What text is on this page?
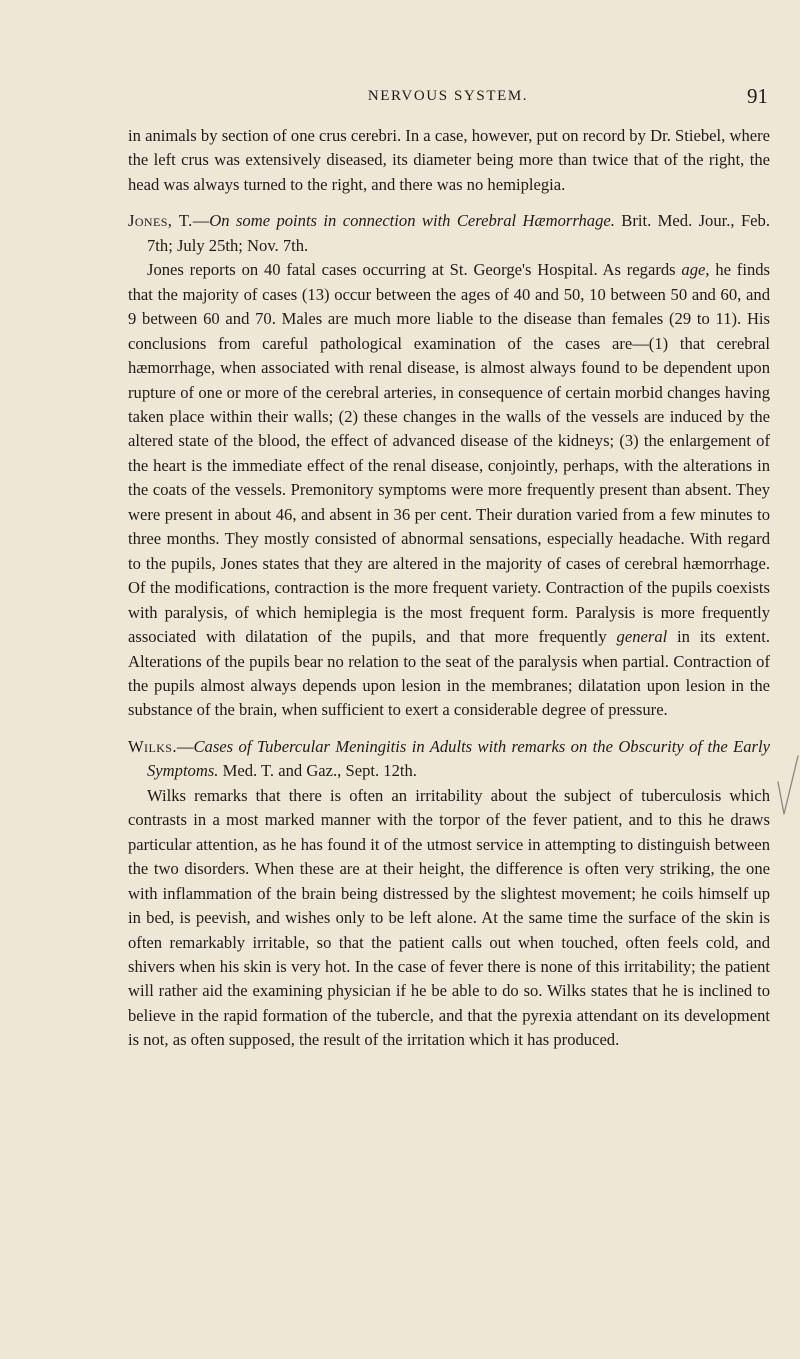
NERVOUS SYSTEM.	91

in animals by section of one crus cerebri. In a case, however, put on record by Dr. Stiebel, where the left crus was extensively diseased, its diameter being more than twice that of the right, the head was always turned to the right, and there was no hemiplegia.

Jones, T.—On some points in connection with Cerebral Hæmorrhage. Brit. Med. Jour., Feb. 7th; July 25th; Nov. 7th.

Jones reports on 40 fatal cases occurring at St. George's Hospital. As regards age, he finds that the majority of cases (13) occur between the ages of 40 and 50, 10 between 50 and 60, and 9 between 60 and 70. Males are much more liable to the disease than females (29 to 11). His conclusions from careful pathological examination of the cases are—(1) that cerebral hæmorrhage, when associated with renal disease, is almost always found to be dependent upon rupture of one or more of the cerebral arteries, in consequence of certain morbid changes having taken place within their walls; (2) these changes in the walls of the vessels are induced by the altered state of the blood, the effect of advanced disease of the kidneys; (3) the enlargement of the heart is the immediate effect of the renal disease, conjointly, perhaps, with the alterations in the coats of the vessels. Premonitory symptoms were more frequently present than absent. They were present in about 46, and absent in 36 per cent. Their duration varied from a few minutes to three months. They mostly consisted of abnormal sensations, especially headache. With regard to the pupils, Jones states that they are altered in the majority of cases of cerebral hæmorrhage. Of the modifications, contraction is the more frequent variety. Contraction of the pupils coexists with paralysis, of which hemiplegia is the most frequent form. Paralysis is more frequently associated with dilatation of the pupils, and that more frequently general in its extent. Alterations of the pupils bear no relation to the seat of the paralysis when partial. Contraction of the pupils almost always depends upon lesion in the membranes; dilatation upon lesion in the substance of the brain, when sufficient to exert a considerable degree of pressure.

Wilks.—Cases of Tubercular Meningitis in Adults with remarks on the Obscurity of the Early Symptoms. Med. T. and Gaz., Sept. 12th.

Wilks remarks that there is often an irritability about the subject of tuberculosis which contrasts in a most marked manner with the torpor of the fever patient, and to this he draws particular attention, as he has found it of the utmost service in attempting to distinguish between the two disorders. When these are at their height, the difference is often very striking, the one with inflammation of the brain being distressed by the slightest movement; he coils himself up in bed, is peevish, and wishes only to be left alone. At the same time the surface of the skin is often remarkably irritable, so that the patient calls out when touched, often feels cold, and shivers when his skin is very hot. In the case of fever there is none of this irritability; the patient will rather aid the examining physician if he be able to do so. Wilks states that he is inclined to believe in the rapid formation of the tubercle, and that the pyrexia attendant on its development is not, as often supposed, the result of the irritation which it has produced.
